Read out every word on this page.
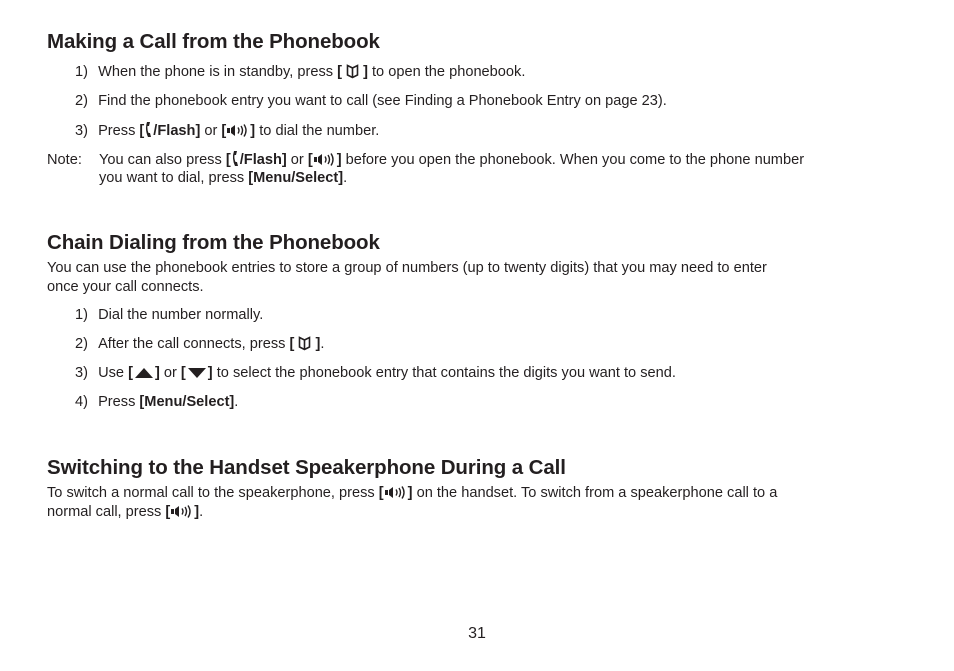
Making a Call from the Phonebook
1) When the phone is in standby, press [  ] to open the phonebook.
2) Find the phonebook entry you want to call (see Finding a Phonebook Entry on page 23).
3) Press [ /Flash] or [ ] to dial the number.
Note: You can also press [ /Flash] or [ ] before you open the phonebook. When you come to the phone number
you want to dial, press [Menu/Select].
Chain Dialing from the Phonebook
You can use the phonebook entries to store a group of numbers (up to twenty digits) that you may need to enter
once your call connects.
1) Dial the number normally.
2) After the call connects, press [  ].
3) Use [ ] or [ ] to select the phonebook entry that contains the digits you want to send.
4) Press [Menu/Select].
Switching to the Handset Speakerphone During a Call
To switch a normal call to the speakerphone, press [ ] on the handset. To switch from a speakerphone call to a
normal call, press [ ].
31
